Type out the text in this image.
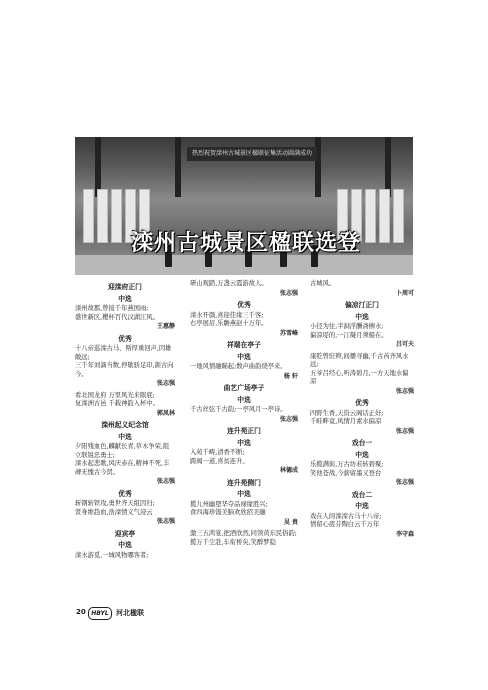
热烈祝贺滦州古城景区楹联征集活动圆满成功
滦州古城景区楹联选登
迎滦府正门
中选
滦州故郡,曾接千年燕国雨;
盛世新区,樱杯百代汉湖江风。
王惠静
优秀
十八帝巡滦古马、斯厚重回声,因雄敞远;
三千年刘滴当数,停歇骄足印,颌古向今。
张志强
看北国龙府 万里风光来眼底;
复滦洲古邑 千载神韵入杯中。
郭凤林
滦州起义纪念馆
中选
夕阳残血色,麟献长青,草木争荣,组立联锐忠勇士;
滦水起悲歌,风庆赤在,精神不死,丰碑无愧古今贤。
张志强
优秀
斩钢斩铁攻,勇世齐天组因归;
贤身维趋血,浩滦情义气浸云
张志强
迎宾亭
中选
滦水游觅,一城风物哪客者;
研山观踏,万盏云霞游故人。
张志强
优秀
滦水开颜,喜迎佳缘三千客;
右亭展眉,乐瞻燕赵十万年。
苏雪峰
祥瑞在亭子
中选
一地风情融睇起;数声曲韵绕亭来。
杨 轩
曲艺广场亭子
中选
千古丝弦千古韵;一亭风月一亭诗。
张志强
连升苑正门
中选
入苑千畴,清香不断;
跨阀一道,喜贫连升。
林德成
连升苑侧门
中选
揽九州幽堲华夺品禄缘胜兴;
食四海珍馐美脑欢欣招美融
吴 贵
激三五鸿宴,把酒欣然,同领黄东民俗韵;
揽万千尘赴,车衔桥矣,笑醉梦隐
古城风。
卜周可
偏凉汀正门
中选
小径为往,半洞浮酬斋柳水;
偏凉堤的,一汀凝月须船在。
吕可夫
康乾曾驻辫,间播寻幽,千古芮齐风水远;
五爷吕经心,听涛碧月,一方天地水偏凉
张志强
优秀
四野生香,天资云阁话正好;
千畦畔竟,风情月素水偏凉
张志强
戏台一
中选
乐揽满街,万古坊若转碧聚;
笑他苍战,今薪留墨又登台
张志强
戏台二
中选
戏在人间滦滦古马十八帝;
情留心底芬陶白云千万年
李守森
20 HBYL	河北楹联
